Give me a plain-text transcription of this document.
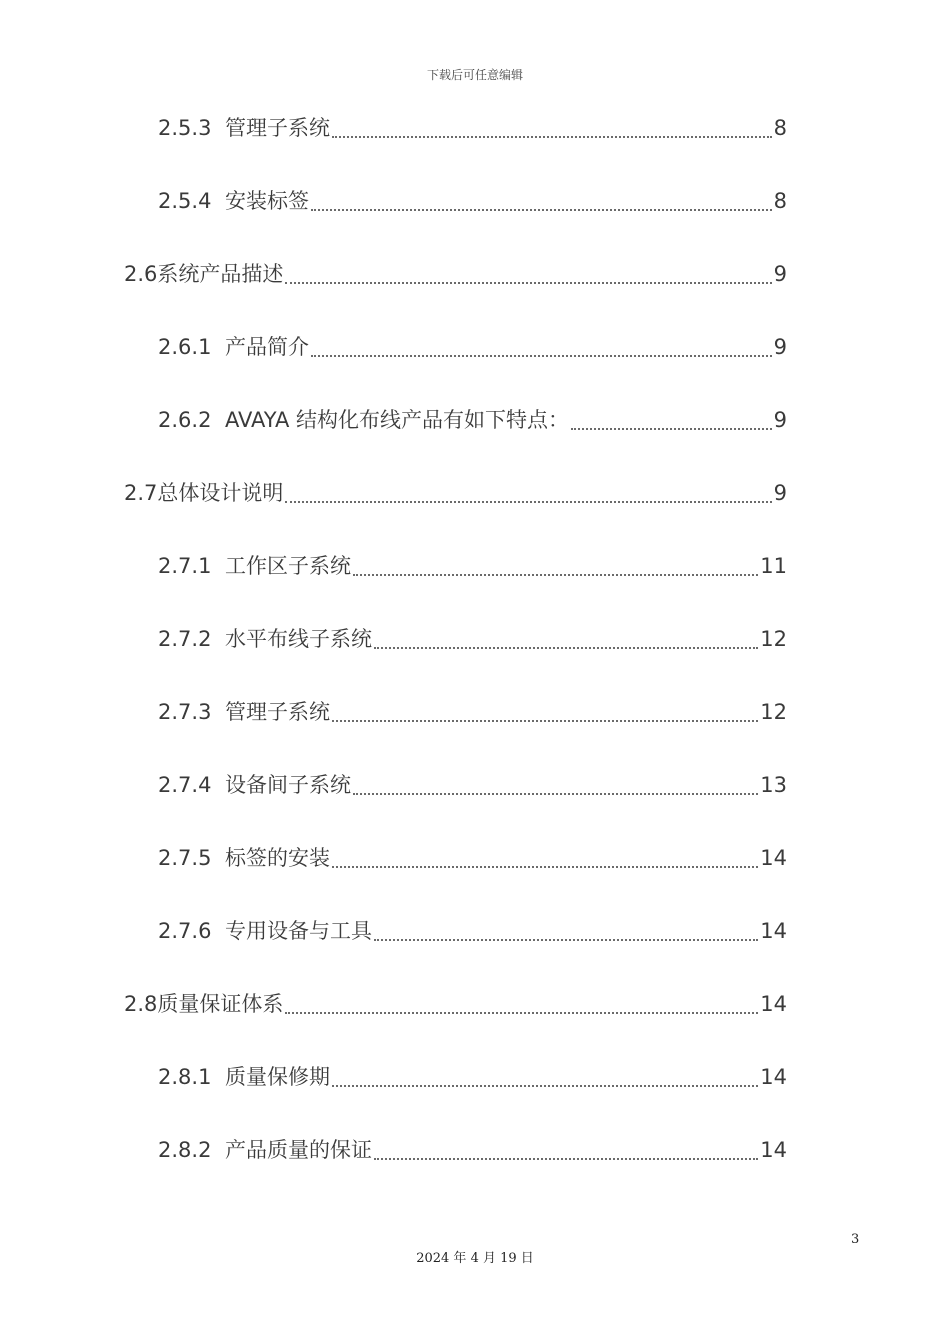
下载后可任意编辑
2.5.3 管理子系统	8
2.5.4 安装标签	8
2.6 系统产品描述	9
2.6.1 产品简介	9
2.6.2 AVAYA 结构化布线产品有如下特点：	9
2.7 总体设计说明	9
2.7.1 工作区子系统	11
2.7.2 水平布线子系统	12
2.7.3 管理子系统	12
2.7.4 设备间子系统	13
2.7.5 标签的安装	14
2.7.6 专用设备与工具	14
2.8 质量保证体系	14
2.8.1 质量保修期	14
2.8.2 产品质量的保证	14
3
2024 年 4 月 19 日
